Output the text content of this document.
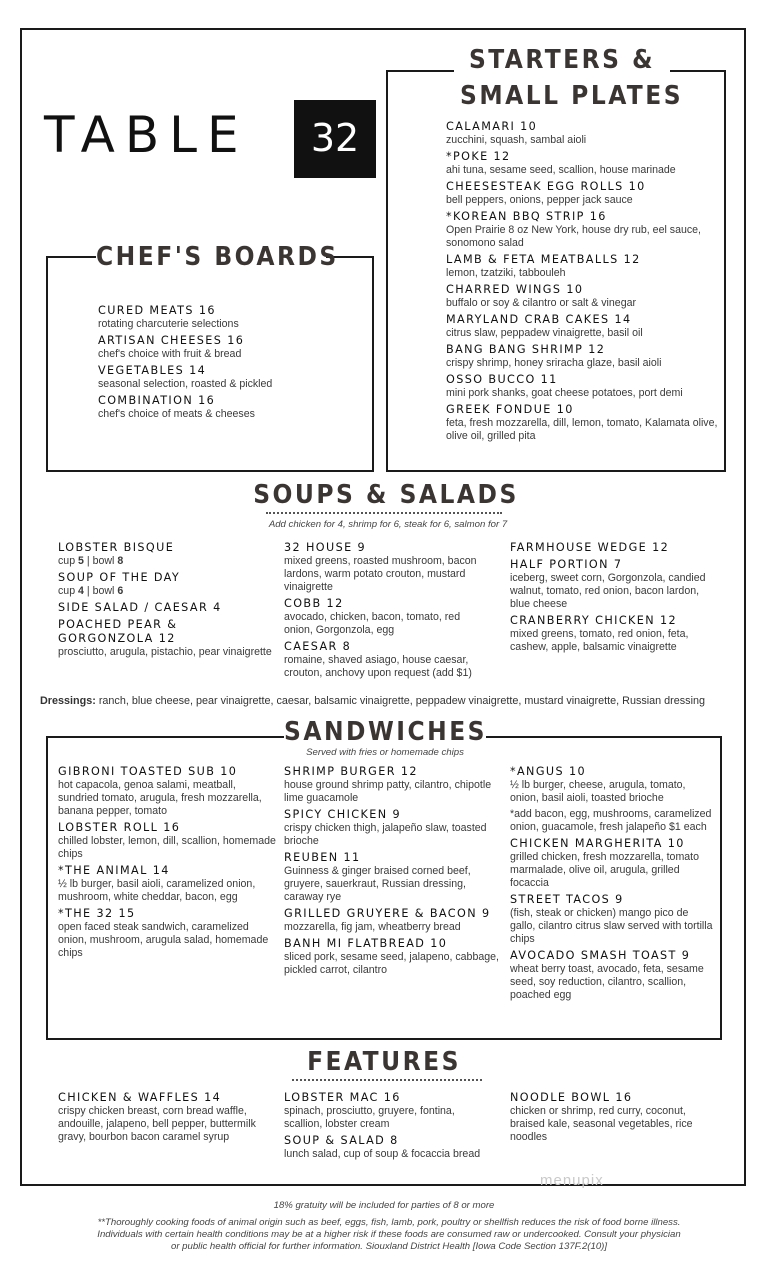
TABLE	32
STARTERS &
SMALL PLATES
CALAMARI 10
zucchini, squash, sambal aioli
*POKE 12
ahi tuna, sesame seed, scallion, house marinade
CHEESESTEAK EGG ROLLS 10
bell peppers, onions, pepper jack sauce
*KOREAN BBQ STRIP 16
Open Prairie 8 oz New York, house dry rub, eel sauce, sonomono salad
LAMB & FETA MEATBALLS 12
lemon, tzatziki, tabbouleh
CHARRED WINGS 10
buffalo or soy & cilantro or salt & vinegar
MARYLAND CRAB CAKES 14
citrus slaw, peppadew vinaigrette, basil oil
BANG BANG SHRIMP 12
crispy shrimp, honey sriracha glaze, basil aioli
OSSO BUCCO 11
mini pork shanks, goat cheese potatoes, port demi
GREEK FONDUE 10
feta, fresh mozzarella, dill, lemon, tomato, Kalamata olive, olive oil, grilled pita
CHEF'S BOARDS
CURED MEATS 16
rotating charcuterie selections
ARTISAN CHEESES 16
chef's choice with fruit & bread
VEGETABLES 14
seasonal selection, roasted & pickled
COMBINATION 16
chef's choice of meats & cheeses
SOUPS & SALADS
Add chicken for 4, shrimp for 6, steak for 6, salmon for 7
LOBSTER BISQUE
cup 5 | bowl 8
SOUP OF THE DAY
cup 4 | bowl 6
SIDE SALAD / CAESAR 4
POACHED PEAR & GORGONZOLA 12
prosciutto, arugula, pistachio, pear vinaigrette
32 HOUSE 9
mixed greens, roasted mushroom, bacon lardons, warm potato crouton, mustard vinaigrette
COBB 12
avocado, chicken, bacon, tomato, red onion, Gorgonzola, egg
CAESAR 8
romaine, shaved asiago, house caesar, crouton, anchovy upon request (add $1)
FARMHOUSE WEDGE 12
HALF PORTION 7
iceberg, sweet corn, Gorgonzola, candied walnut, tomato, red onion, bacon lardon, blue cheese
CRANBERRY CHICKEN 12
mixed greens, tomato, red onion, feta, cashew, apple, balsamic vinaigrette
Dressings: ranch, blue cheese, pear vinaigrette, caesar, balsamic vinaigrette, peppadew vinaigrette, mustard vinaigrette, Russian dressing
SANDWICHES
Served with fries or homemade chips
GIBRONI TOASTED SUB 10
hot capacola, genoa salami, meatball, sundried tomato, arugula, fresh mozzarella, banana pepper, tomato
LOBSTER ROLL 16
chilled lobster, lemon, dill, scallion, homemade chips
*THE ANIMAL 14
½ lb burger, basil aioli, caramelized onion, mushroom, white cheddar, bacon, egg
*THE 32 15
open faced steak sandwich, caramelized onion, mushroom, arugula salad, homemade chips
SHRIMP BURGER 12
house ground shrimp patty, cilantro, chipotle lime guacamole
SPICY CHICKEN 9
crispy chicken thigh, jalapeño slaw, toasted brioche
REUBEN 11
Guinness & ginger braised corned beef, gruyere, sauerkraut, Russian dressing, caraway rye
GRILLED GRUYERE & BACON 9
mozzarella, fig jam, wheatberry bread
BANH MI FLATBREAD 10
sliced pork, sesame seed, jalapeno, cabbage, pickled carrot, cilantro
*ANGUS 10
½ lb burger, cheese, arugula, tomato, onion, basil aioli, toasted brioche
*add bacon, egg, mushrooms, caramelized onion, guacamole, fresh jalapeño $1 each
CHICKEN MARGHERITA 10
grilled chicken, fresh mozzarella, tomato marmalade, olive oil, arugula, grilled focaccia
STREET TACOS 9
(fish, steak or chicken) mango pico de gallo, cilantro citrus slaw served with tortilla chips
AVOCADO SMASH TOAST 9
wheat berry toast, avocado, feta, sesame seed, soy reduction, cilantro, scallion, poached egg
FEATURES
CHICKEN & WAFFLES 14
crispy chicken breast, corn bread waffle, andouille, jalapeno, bell pepper, buttermilk gravy, bourbon bacon caramel syrup
LOBSTER MAC 16
spinach, prosciutto, gruyere, fontina, scallion, lobster cream
SOUP & SALAD 8
lunch salad, cup of soup & focaccia bread
NOODLE BOWL 16
chicken or shrimp, red curry, coconut, braised kale, seasonal vegetables, rice noodles
menupix
18% gratuity will be included for parties of 8 or more
**Thoroughly cooking foods of animal origin such as beef, eggs, fish, lamb, pork, poultry or shellfish reduces the risk of food borne illness. Individuals with certain health conditions may be at a higher risk if these foods are consumed raw or undercooked. Consult your physician or public health official for further information. Siouxland District Health [Iowa Code Section 137F.2(10)]
